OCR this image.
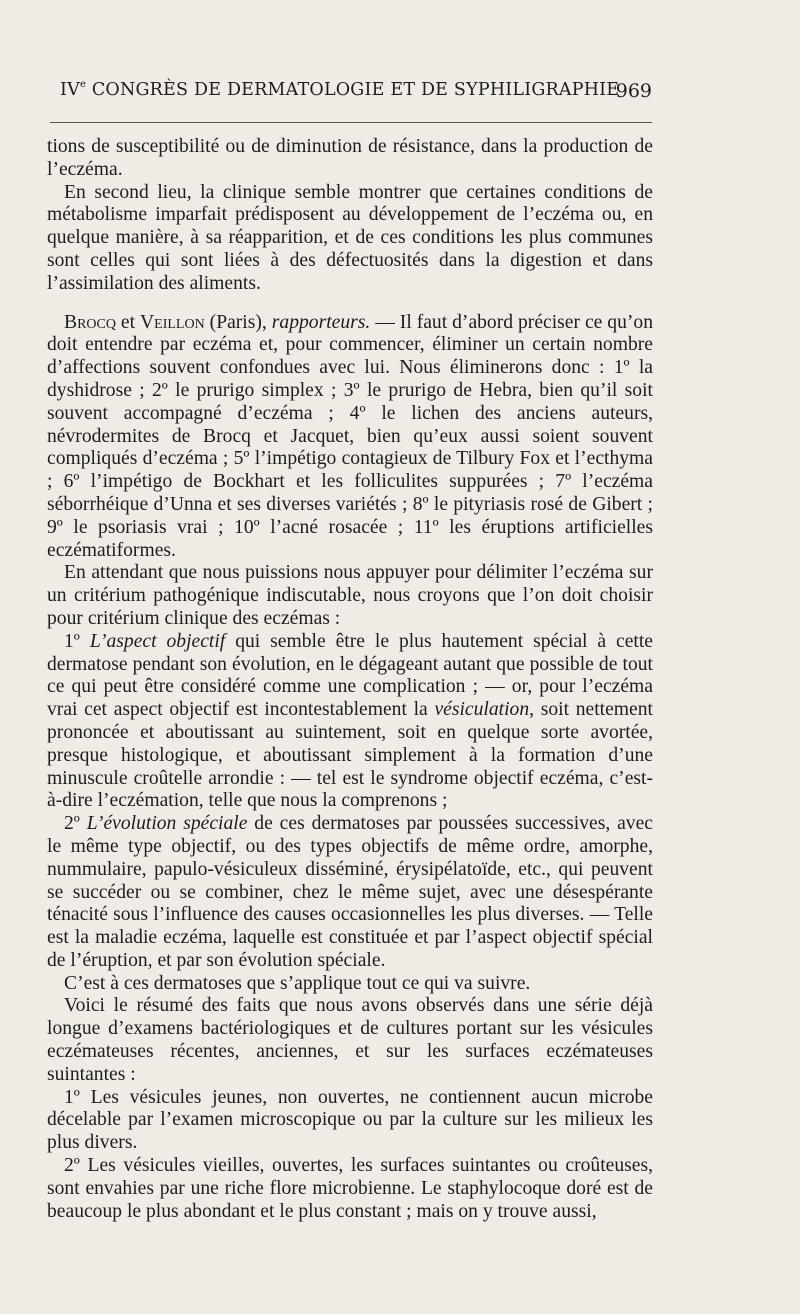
IVe CONGRÈS DE DERMATOLOGIE ET DE SYPHILIGRAPHIE
969

tions de susceptibilité ou de diminution de résistance, dans la production de l’eczéma.

En second lieu, la clinique semble montrer que certaines conditions de métabolisme imparfait prédisposent au développement de l’eczéma ou, en quelque manière, à sa réapparition, et de ces conditions les plus communes sont celles qui sont liées à des défectuosités dans la digestion et dans l’assimilation des aliments.

Brocq et Veillon (Paris), rapporteurs. — Il faut d’abord préciser ce qu’on doit entendre par eczéma et, pour commencer, éliminer un certain nombre d’affections souvent confondues avec lui. Nous éliminerons donc : 1º la dyshidrose ; 2º le prurigo simplex ; 3º le prurigo de Hebra, bien qu’il soit souvent accompagné d’eczéma ; 4º le lichen des anciens auteurs, névrodermites de Brocq et Jacquet, bien qu’eux aussi soient souvent compliqués d’eczéma ; 5º l’impétigo contagieux de Tilbury Fox et l’ecthyma ; 6º l’impétigo de Bockhart et les folliculites suppurées ; 7º l’eczéma séborrhéique d’Unna et ses diverses variétés ; 8º le pityriasis rosé de Gibert ; 9º le psoriasis vrai ; 10º l’acné rosacée ; 11º les éruptions artificielles eczématiformes.

En attendant que nous puissions nous appuyer pour délimiter l’eczéma sur un critérium pathogénique indiscutable, nous croyons que l’on doit choisir pour critérium clinique des eczémas :

1º L’aspect objectif qui semble être le plus hautement spécial à cette dermatose pendant son évolution, en le dégageant autant que possible de tout ce qui peut être considéré comme une complication ; — or, pour l’eczéma vrai cet aspect objectif est incontestablement la vésiculation, soit nettement prononcée et aboutissant au suintement, soit en quelque sorte avortée, presque histologique, et aboutissant simplement à la formation d’une minuscule croûtelle arrondie : — tel est le syndrome objectif eczéma, c’est-à-dire l’eczémation, telle que nous la comprenons ;

2º L’évolution spéciale de ces dermatoses par poussées successives, avec le même type objectif, ou des types objectifs de même ordre, amorphe, nummulaire, papulo-vésiculeux disséminé, érysipélatoïde, etc., qui peuvent se succéder ou se combiner, chez le même sujet, avec une désespérante ténacité sous l’influence des causes occasionnelles les plus diverses. — Telle est la maladie eczéma, laquelle est constituée et par l’aspect objectif spécial de l’éruption, et par son évolution spéciale.

C’est à ces dermatoses que s’applique tout ce qui va suivre.

Voici le résumé des faits que nous avons observés dans une série déjà longue d’examens bactériologiques et de cultures portant sur les vésicules eczémateuses récentes, anciennes, et sur les surfaces eczémateuses suintantes :

1º Les vésicules jeunes, non ouvertes, ne contiennent aucun microbe décelable par l’examen microscopique ou par la culture sur les milieux les plus divers.

2º Les vésicules vieilles, ouvertes, les surfaces suintantes ou croûteuses, sont envahies par une riche flore microbienne. Le staphylocoque doré est de beaucoup le plus abondant et le plus constant ; mais on y trouve aussi,
